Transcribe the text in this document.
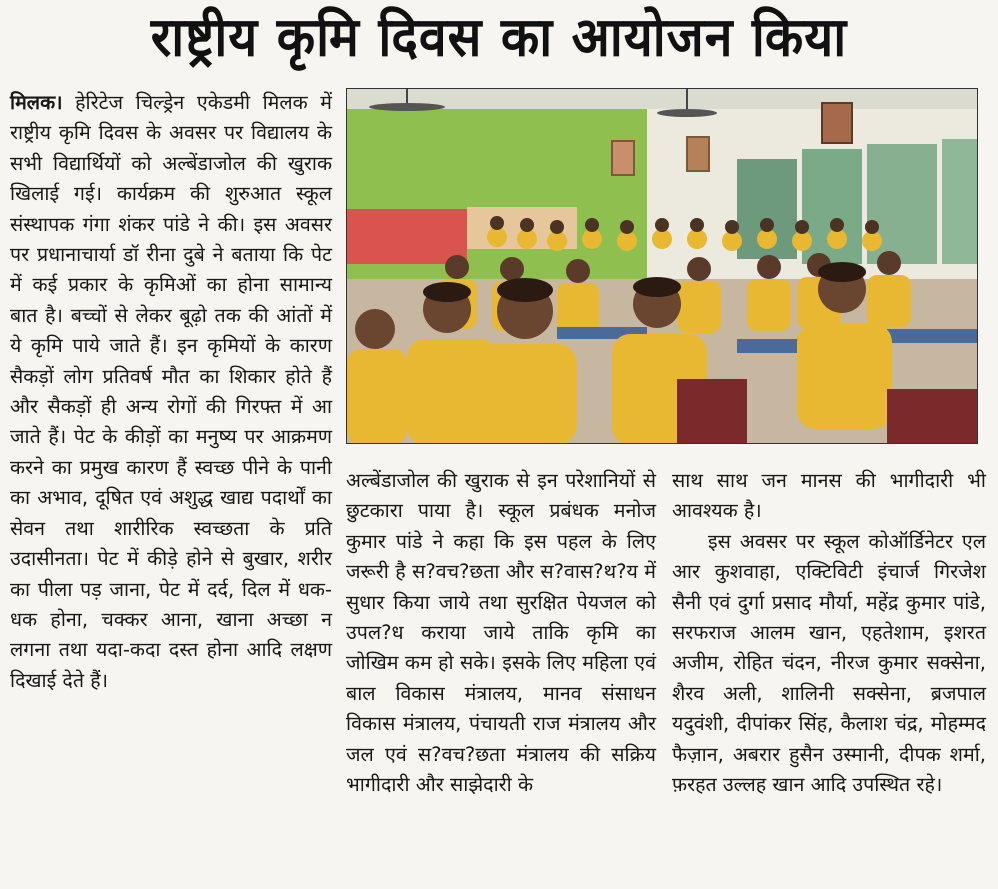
राष्ट्रीय कृमि दिवस का आयोजन किया

मिलक। हेरिटेज चिल्ड्रेन एकेडमी मिलक में राष्ट्रीय कृमि दिवस के अवसर पर विद्यालय के सभी विद्यार्थियों को अल्बेंडाजोल की खुराक खिलाई गई। कार्यक्रम की शुरुआत स्कूल संस्थापक गंगा शंकर पांडे ने की। इस अवसर पर प्रधानाचार्या डॉ रीना दुबे ने बताया कि पेट में कई प्रकार के कृमिओं का होना सामान्य बात है। बच्चों से लेकर बूढ़ो तक की आंतों में ये कृमि पाये जाते हैं। इन कृमियों के कारण सैकड़ों लोग प्रतिवर्ष मौत का शिकार होते हैं और सैकड़ों ही अन्य रोगों की गिरफ्त में आ जाते हैं। पेट के कीड़ों का मनुष्य पर आक्रमण करने का प्रमुख कारण हैं स्वच्छ पीने के पानी का अभाव, दूषित एवं अशुद्ध खाद्य पदार्थों का सेवन तथा शारीरिक स्वच्छता के प्रति उदासीनता। पेट में कीड़े होने से बुखार, शरीर का पीला पड़ जाना, पेट में दर्द, दिल में धक-धक होना, चक्कर आना, खाना अच्छा न लगना तथा यदा-कदा दस्त होना आदि लक्षण दिखाई देते हैं।

अल्बेंडाजोल की खुराक से इन परेशानियों से छुटकारा पाया है। स्कूल प्रबंधक मनोज कुमार पांडे ने कहा कि इस पहल के लिए जरूरी है स?वच?छता और स?वास?थ?य में सुधार किया जाये तथा सुरक्षित पेयजल को उपल?ध कराया जाये ताकि कृमि का जोखिम कम हो सके। इसके लिए महिला एवं बाल विकास मंत्रालय, मानव संसाधन विकास मंत्रालय, पंचायती राज मंत्रालय और जल एवं स?वच?छता मंत्रालय की सक्रिय भागीदारी और साझेदारी के

साथ साथ जन मानस की भागीदारी भी आवश्यक है।

इस अवसर पर स्कूल कोऑर्डिनेटर एल आर कुशवाहा, एक्टिविटी इंचार्ज गिरजेश सैनी एवं दुर्गा प्रसाद मौर्या, महेंद्र कुमार पांडे, सरफराज आलम खान, एहतेशाम, इशरत अजीम, रोहित चंदन, नीरज कुमार सक्सेना, शैरव अली, शालिनी सक्सेना, ब्रजपाल यदुवंशी, दीपांकर सिंह, कैलाश चंद्र, मोहम्मद फैज़ान, अबरार हुसैन उस्मानी, दीपक शर्मा, फ़रहत उल्लह खान आदि उपस्थित रहे।
